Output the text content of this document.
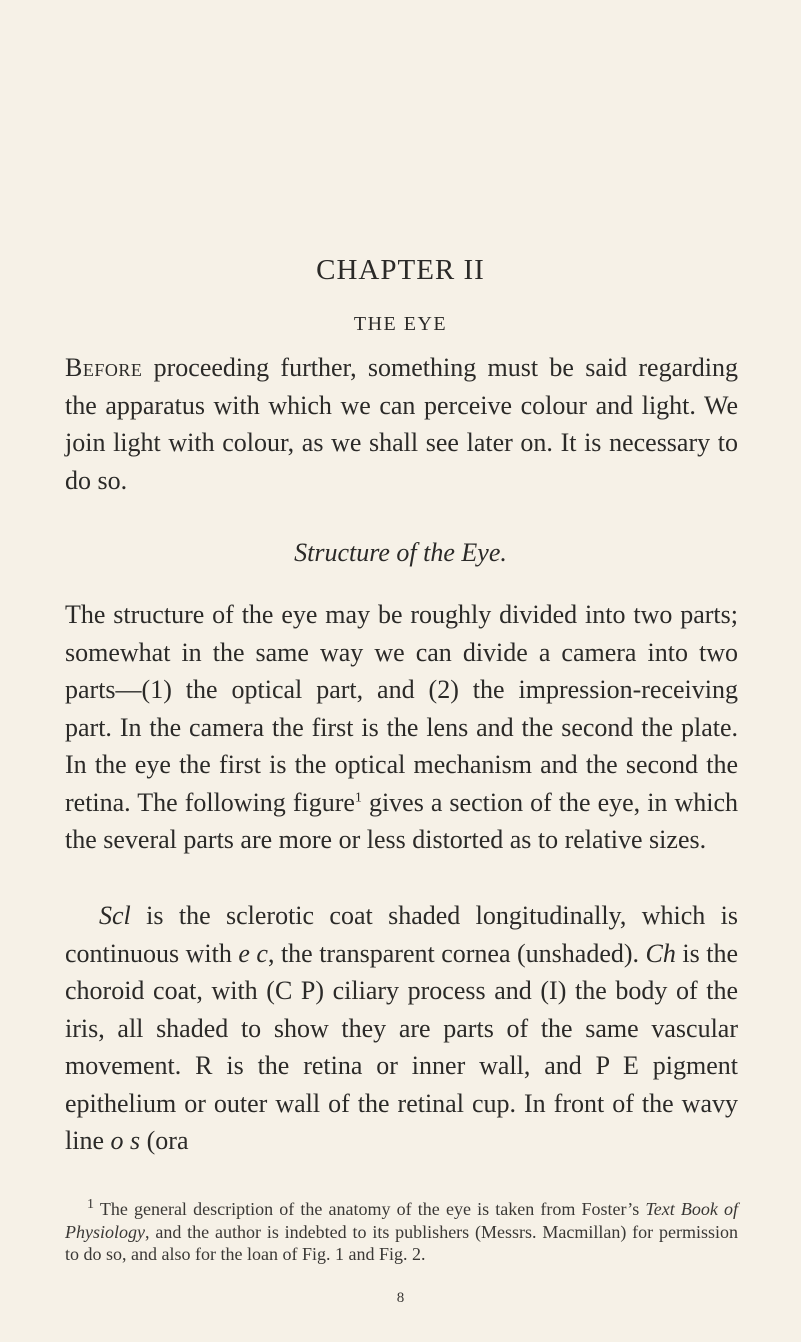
CHAPTER II
THE EYE

Before proceeding further, something must be said regarding the apparatus with which we can perceive colour and light. We join light with colour, as we shall see later on. It is necessary to do so.

Structure of the Eye.

The structure of the eye may be roughly divided into two parts; somewhat in the same way we can divide a camera into two parts—(1) the optical part, and (2) the impression-receiving part. In the camera the first is the lens and the second the plate. In the eye the first is the optical mechanism and the second the retina. The following figure$^1$ gives a section of the eye, in which the several parts are more or less distorted as to relative sizes.

Scl is the sclerotic coat shaded longitudinally, which is continuous with e c, the transparent cornea (unshaded). Ch is the choroid coat, with (C P) ciliary process and (I) the body of the iris, all shaded to show they are parts of the same vascular movement. R is the retina or inner wall, and P E pigment epithelium or outer wall of the retinal cup. In front of the wavy line o s (ora

$^1$ The general description of the anatomy of the eye is taken from Foster’s Text Book of Physiology, and the author is indebted to its publishers (Messrs. Macmillan) for permission to do so, and also for the loan of Fig. 1 and Fig. 2.

8
